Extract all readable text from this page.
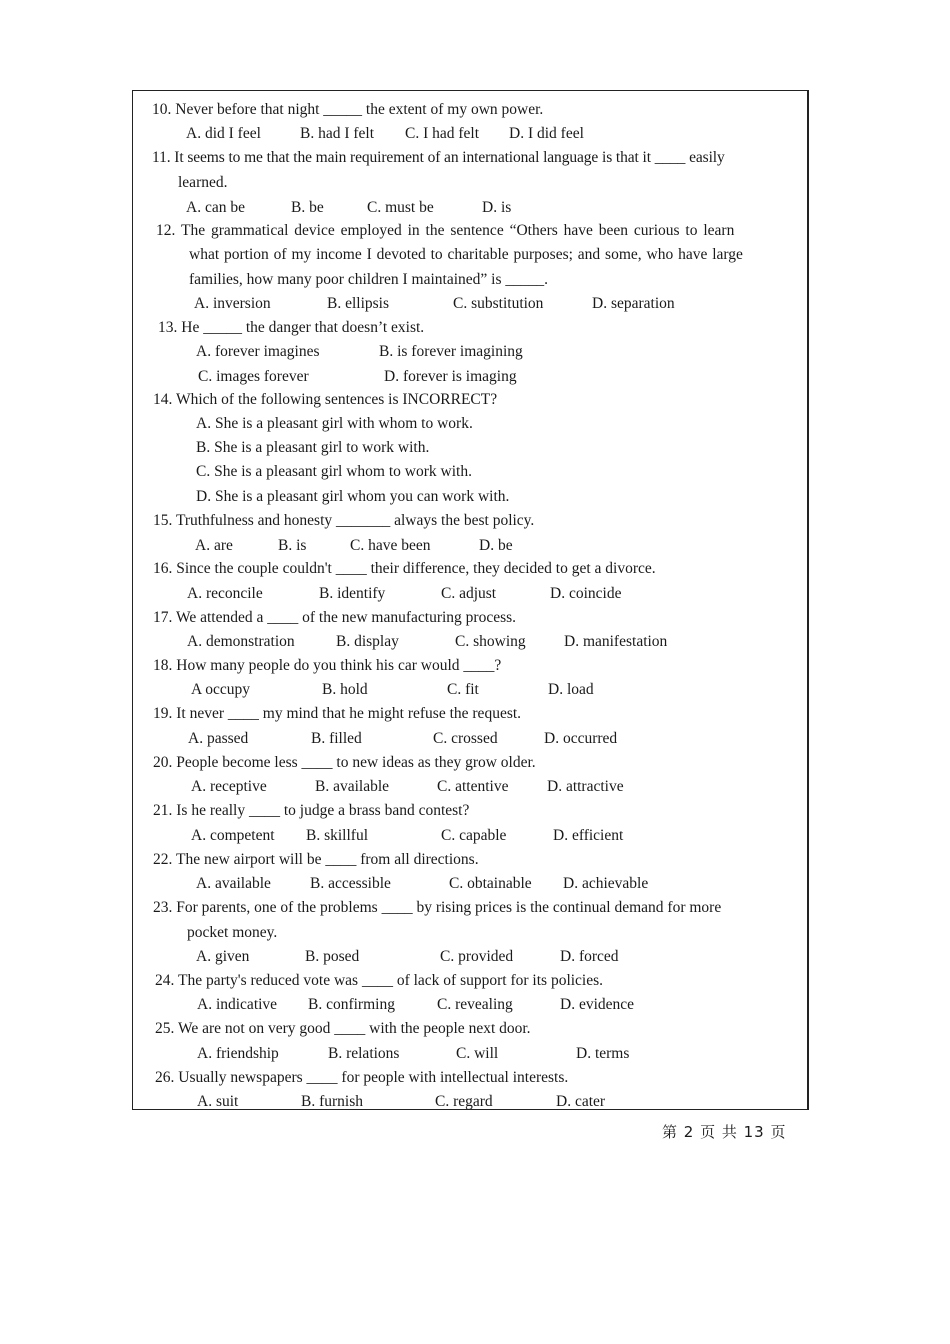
10. Never before that night _____ the extent of my own power.
A. did I feel	B. had I felt C. I had felt D. I did feel
11. It seems to me that the main requirement of an international language is that it ____ easily
learned.
A. can be	B. be	C. must be	D. is
12. The grammatical device employed in the sentence “Others have been curious to learn
what portion of my income I devoted to charitable purposes; and some, who have large
families, how many poor children I maintained” is _____.
A. inversion	B. ellipsis	C. substitution	D. separation
13. He _____ the danger that doesn’t exist.
A. forever imagines	B. is forever imagining
C. images forever	D. forever is imaging
14. Which of the following sentences is INCORRECT?
A. She is a pleasant girl with whom to work.
B. She is a pleasant girl to work with.
C. She is a pleasant girl whom to work with.
D. She is a pleasant girl whom you can work with.
15. Truthfulness and honesty _______ always the best policy.
A. are	B. is	C. have been	D. be
16. Since the couple couldn't ____ their difference, they decided to get a divorce.
A. reconcile	B. identify	C. adjust	D. coincide
17. We attended a ____ of the new manufacturing process.
A. demonstration	B. display	C. showing D. manifestation
18. How many people do you think his car would ____?
A occupy	B. hold	C. fit	D. load
19. It never ____ my mind that he might refuse the request.
A. passed	B. filled	C. crossed	D. occurred
20. People become less ____ to new ideas as they grow older.
A. receptive	B. available	C. attentive D. attractive
21. Is he really ____ to judge a brass band contest?
A. competent B. skillful	C. capable	D. efficient
22. The new airport will be ____ from all directions.
A. available	B. accessible	C. obtainable D. achievable
23. For parents, one of the problems ____ by rising prices is the continual demand for more
pocket money.
A. given	B. posed	C. provided	D. forced
24. The party's reduced vote was ____ of lack of support for its policies.
A. indicative B. confirming	C. revealing	D. evidence
25. We are not on very good ____ with the people next door.
A. friendship	B. relations	C. will	D. terms
26. Usually newspapers ____ for people with intellectual interests.
A. suit	B. furnish	C. regard	D. cater
第 2 页 共 13 页
